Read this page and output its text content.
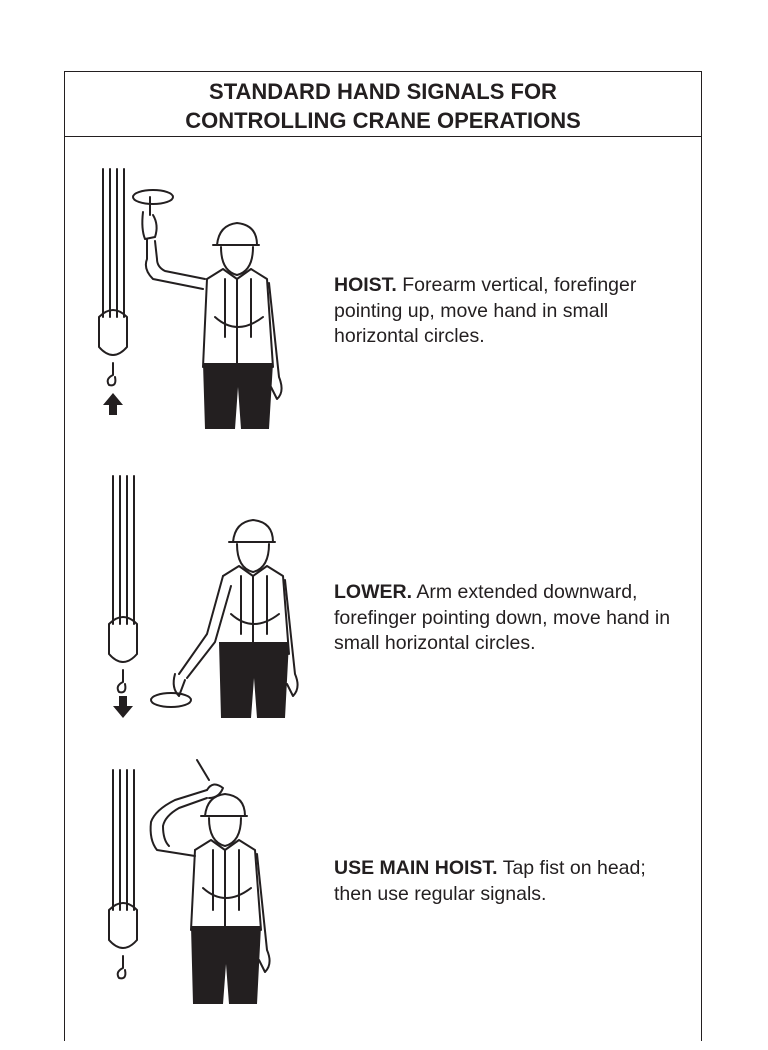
STANDARD HAND SIGNALS FOR
CONTROLLING CRANE OPERATIONS
HOIST. Forearm vertical, forefinger pointing up, move hand in small horizontal circles.
LOWER. Arm extended downward, forefinger pointing down, move hand in small horizontal circles.
USE MAIN HOIST. Tap fist on head; then use regular signals.
